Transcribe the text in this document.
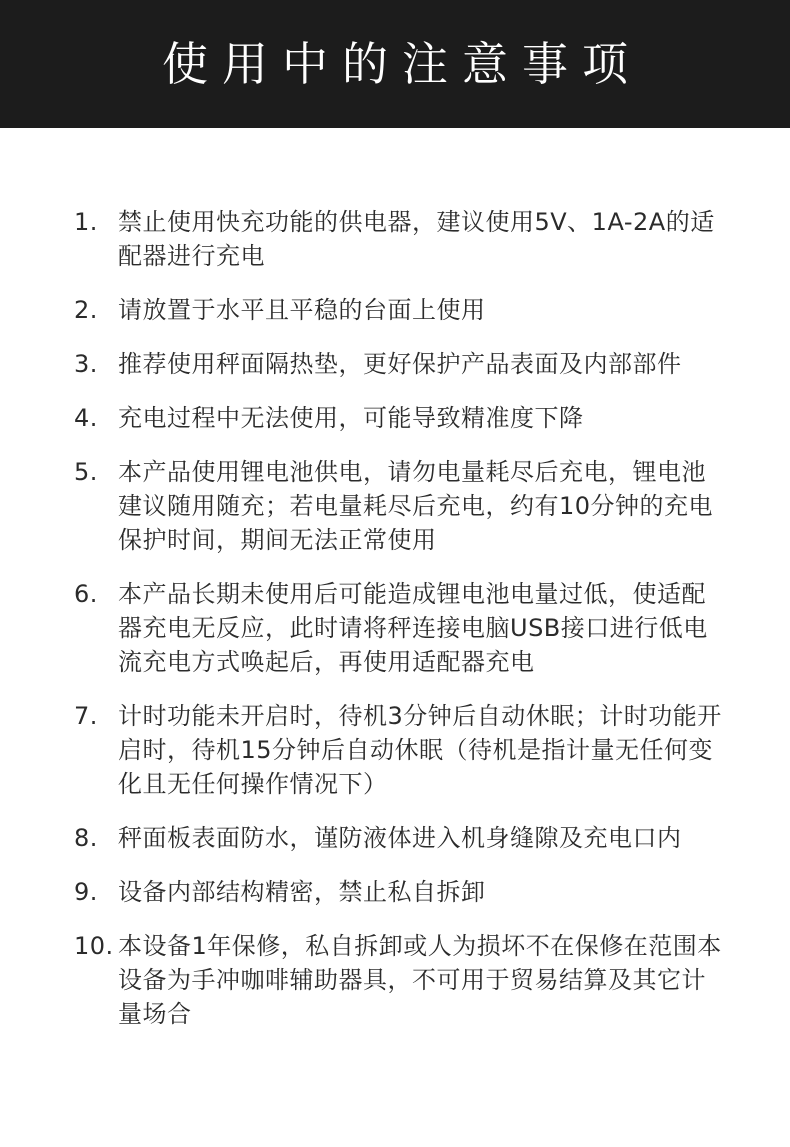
使用中的注意事项
1. 禁止使用快充功能的供电器，建议使用5V、1A-2A的适配器进行充电
2. 请放置于水平且平稳的台面上使用
3. 推荐使用秤面隔热垫，更好保护产品表面及内部部件
4. 充电过程中无法使用，可能导致精准度下降
5. 本产品使用锂电池供电，请勿电量耗尽后充电，锂电池建议随用随充；若电量耗尽后充电，约有10分钟的充电保护时间，期间无法正常使用
6. 本产品长期未使用后可能造成锂电池电量过低，使适配器充电无反应，此时请将秤连接电脑USB接口进行低电流充电方式唤起后，再使用适配器充电
7. 计时功能未开启时，待机3分钟后自动休眠；计时功能开启时，待机15分钟后自动休眠（待机是指计量无任何变化且无任何操作情况下）
8. 秤面板表面防水，谨防液体进入机身缝隙及充电口内
9. 设备内部结构精密，禁止私自拆卸
10. 本设备1年保修，私自拆卸或人为损坏不在保修在范围本设备为手冲咖啡辅助器具，不可用于贸易结算及其它计量场合
